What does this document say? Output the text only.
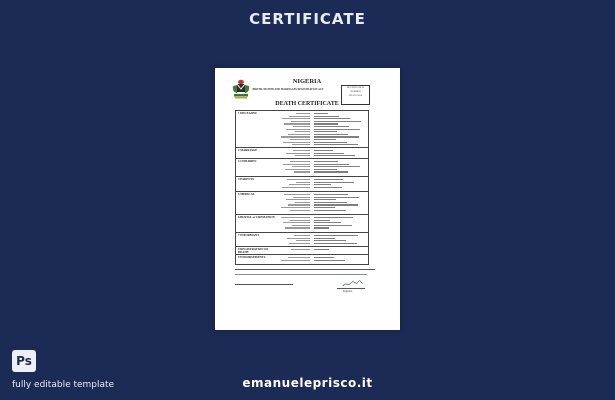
CERTIFICATE
NIGERIA
BIRTHS, DEATHS AND MARRIAGES REGISTRATION ACT
REGISTRATION
NUMBER
2019/07/2023
DEATH CERTIFICATE
1 DECEASED
2 MARRIAGE
3 CHILDREN
4 PARENTS
5 MEDICAL
6 BURIAL or CREMATION
7 INFORMANT
8 REGISTRATION OF DEATH
9 ENDORSEMENTS
Registrar
Ps
fully editable template	emanueleprisco.it
